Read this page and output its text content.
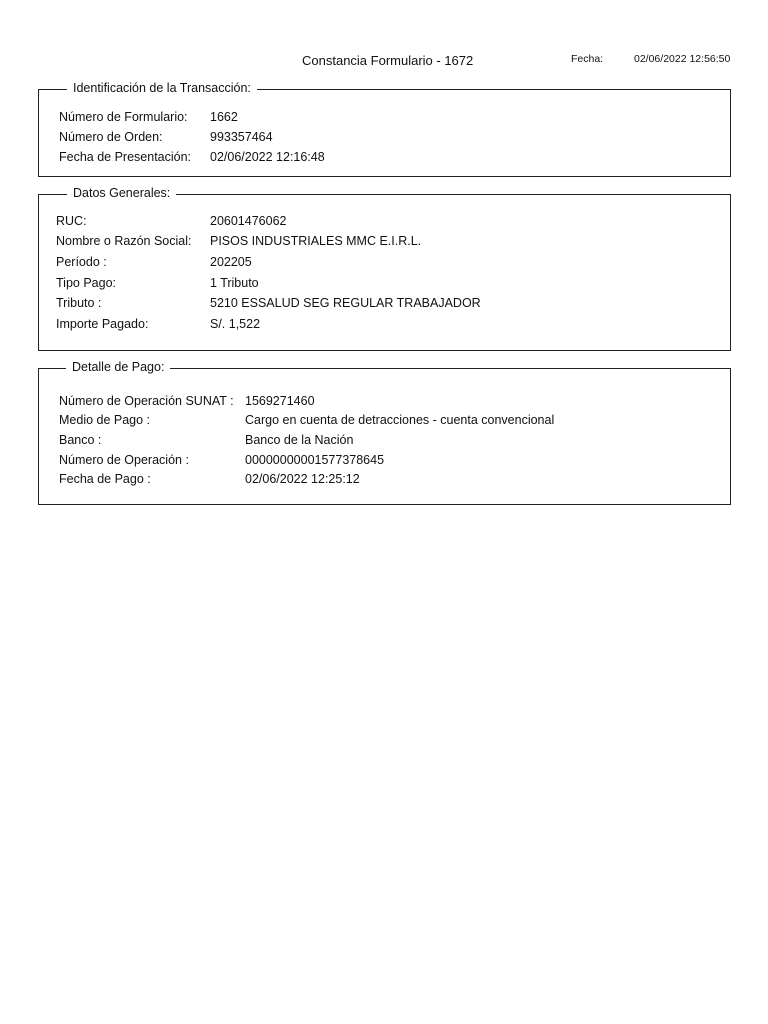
Constancia Formulario - 1672	Fecha:	02/06/2022 12:56:50
Identificación de la Transacción:
Número de Formulario: 1662
Número de Orden:	993357464
Fecha de Presentación: 02/06/2022 12:16:48
Datos Generales:
RUC:	20601476062
Nombre o Razón Social: PISOS INDUSTRIALES MMC E.I.R.L.
Período :	202205
Tipo Pago:	1 Tributo
Tributo :	5210 ESSALUD SEG REGULAR TRABAJADOR
Importe Pagado:	S/. 1,522
Detalle de Pago:
Número de Operación SUNAT : 1569271460
Medio de Pago :	Cargo en cuenta de detracciones - cuenta convencional
Banco :	Banco de la Nación
Número de Operación :	00000000001577378645
Fecha de Pago :	02/06/2022 12:25:12
